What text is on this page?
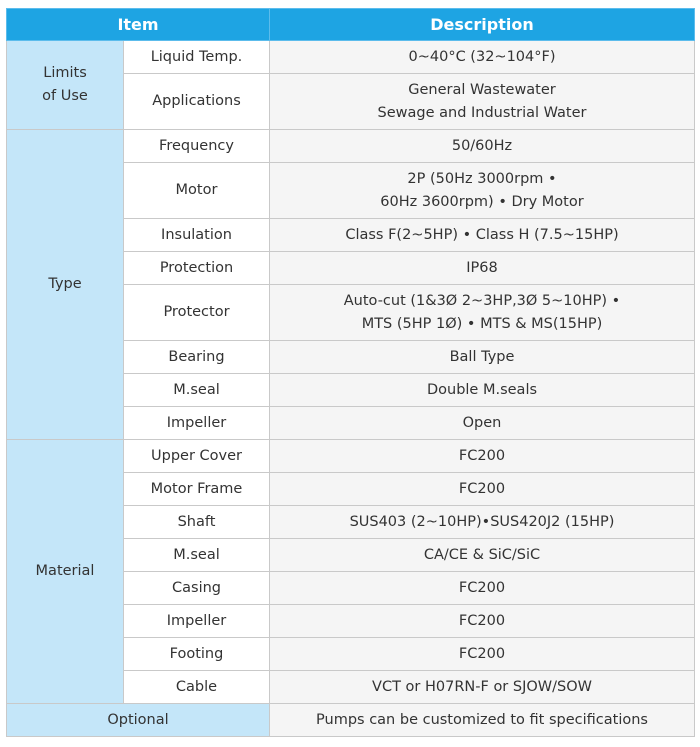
Item		Description
Limits
of Use	Liquid Temp.	0~40°C (32~104°F)
	Applications	General Wastewater
Sewage and Industrial Water
Type	Frequency	50/60Hz
	Motor	2P (50Hz 3000rpm •
60Hz 3600rpm) • Dry Motor
	Insulation	Class F(2~5HP) • Class H (7.5~15HP)
	Protection	IP68
	Protector	Auto-cut (1&3Ø 2~3HP,3Ø 5~10HP) •
MTS (5HP 1Ø) • MTS & MS(15HP)
	Bearing	Ball Type
	M.seal	Double M.seals
	Impeller	Open
Material	Upper Cover	FC200
	Motor Frame	FC200
	Shaft	SUS403 (2~10HP)•SUS420J2 (15HP)
	M.seal	CA/CE & SiC/SiC
	Casing	FC200
	Impeller	FC200
	Footing	FC200
	Cable	VCT or H07RN-F or SJOW/SOW
Optional		Pumps can be customized to fit specifications
